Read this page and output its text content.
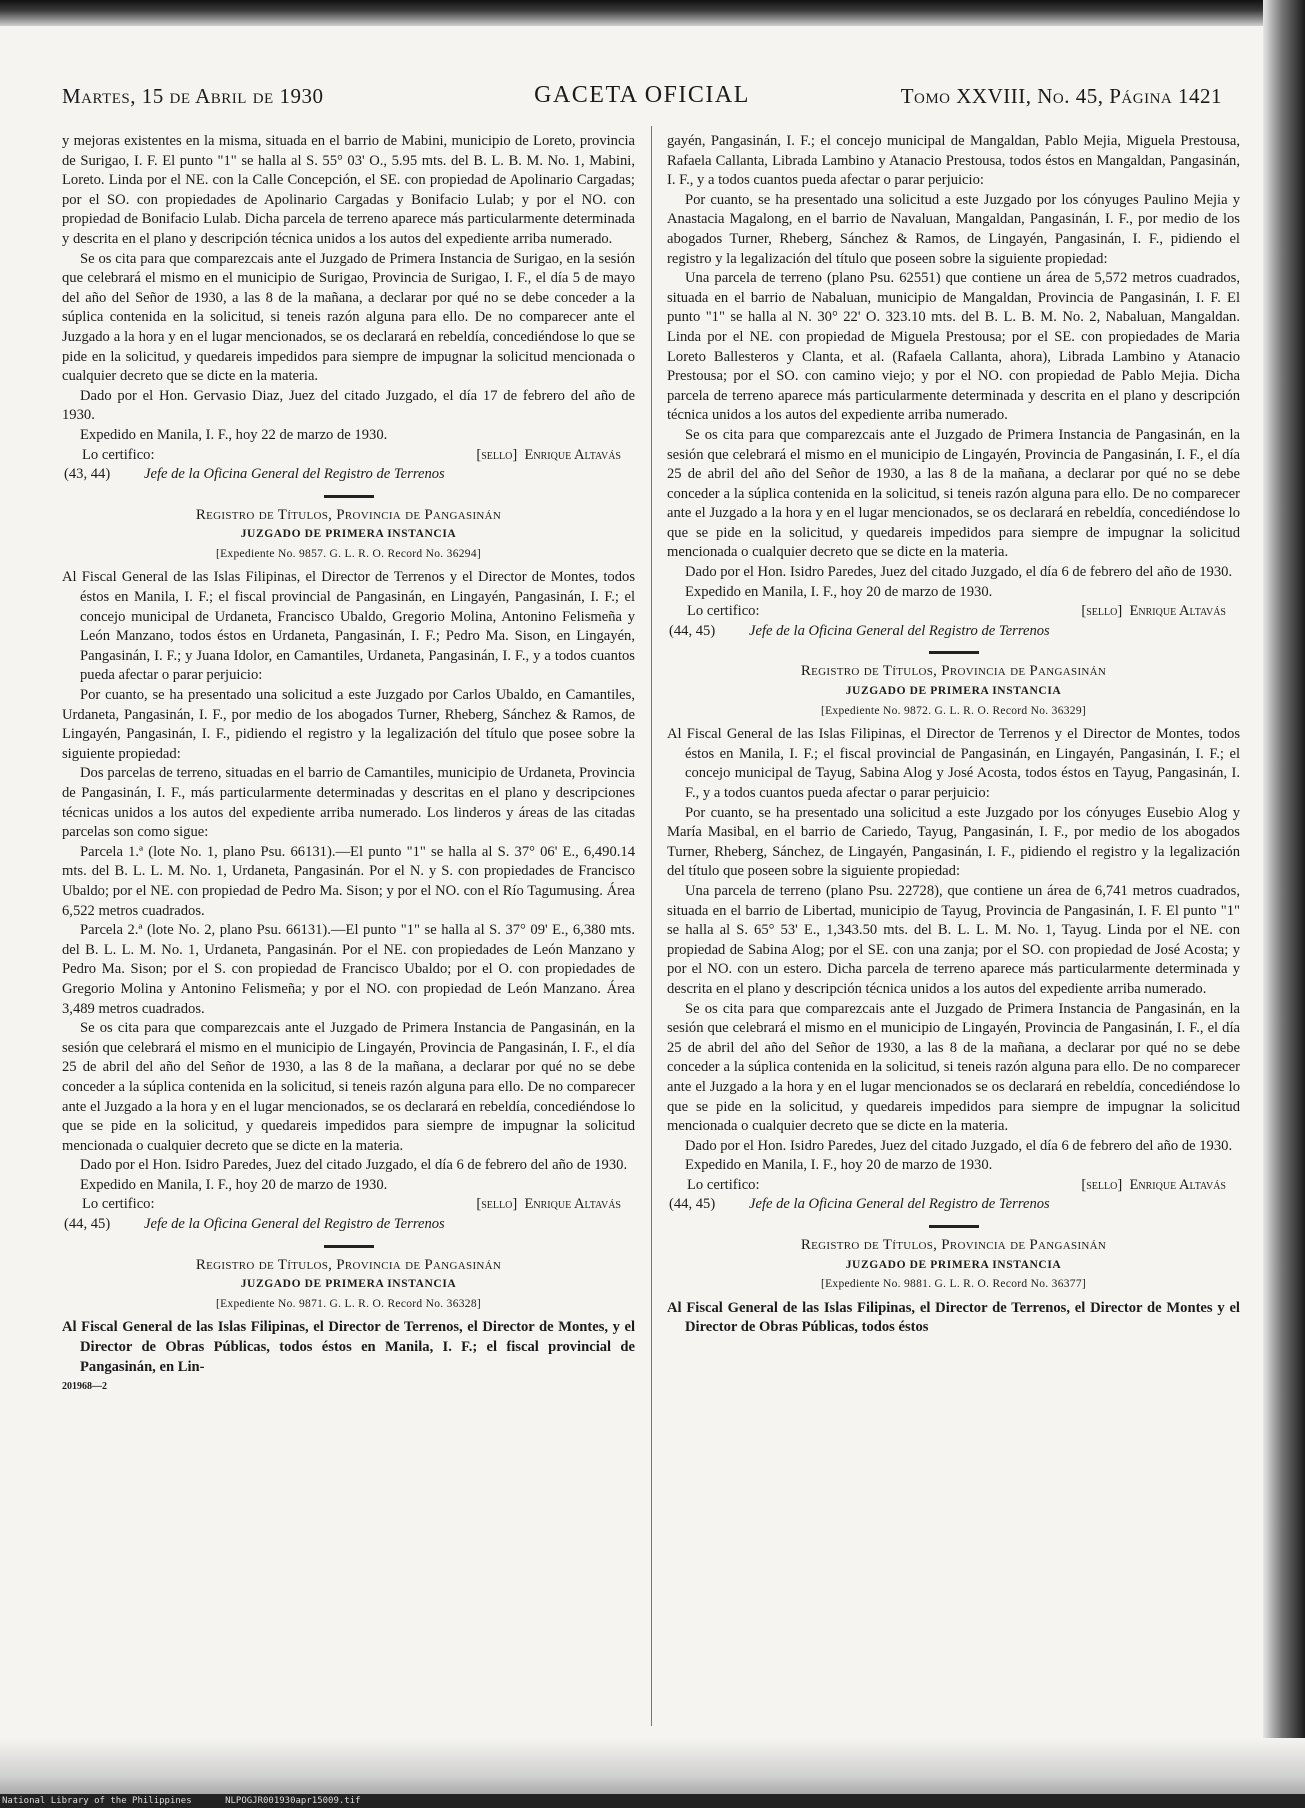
Martes, 15 de Abril de 1930	GACETA OFICIAL	Tomo XXVIII, No. 45, Página 1421

y mejoras existentes en la misma, situada en el barrio de Mabini, municipio de Loreto, provincia de Surigao, I. F. El punto "1" se halla al S. 55° 03' O., 5.95 mts. del B. L. B. M. No. 1, Mabini, Loreto. Linda por el NE. con la Calle Concepción, el SE. con propiedad de Apolinario Cargadas; por el SO. con propiedades de Apolinario Cargadas y Bonifacio Lulab; y por el NO. con propiedad de Bonifacio Lulab. Dicha parcela de terreno aparece más particularmente determinada y descrita en el plano y descripción técnica unidos a los autos del expediente arriba numerado.

Se os cita para que comparezcais ante el Juzgado de Primera Instancia de Surigao, en la sesión que celebrará el mismo en el municipio de Surigao, Provincia de Surigao, I. F., el día 5 de mayo del año del Señor de 1930, a las 8 de la mañana, a declarar por qué no se debe conceder a la súplica contenida en la solicitud, si teneis razón alguna para ello. De no comparecer ante el Juzgado a la hora y en el lugar mencionados, se os declarará en rebeldía, concediéndose lo que se pide en la solicitud, y quedareis impedidos para siempre de impugnar la solicitud mencionada o cualquier decreto que se dicte en la materia.

Dado por el Hon. Gervasio Diaz, Juez del citado Juzgado, el día 17 de febrero del año de 1930.

Expedido en Manila, I. F., hoy 22 de marzo de 1930.

Lo certifico:	[sello] Enrique Altavás
(43, 44)	Jefe de la Oficina General del Registro de Terrenos
Registro de Títulos, Provincia de Pangasinán
JUZGADO DE PRIMERA INSTANCIA
[Expediente No. 9857. G. L. R. O. Record No. 36294]

Al Fiscal General de las Islas Filipinas, el Director de Terrenos y el Director de Montes, todos éstos en Manila, I. F.; el fiscal provincial de Pangasinán, en Lingayén, Pangasinán, I. F.; el concejo municipal de Urdaneta, Francisco Ubaldo, Gregorio Molina, Antonino Felismeña y León Manzano, todos éstos en Urdaneta, Pangasinán, I. F.; Pedro Ma. Sison, en Lingayén, Pangasinán, I. F.; y Juana Idolor, en Camantiles, Urdaneta, Pangasinán, I. F., y a todos cuantos pueda afectar o parar perjuicio:

Por cuanto, se ha presentado una solicitud a este Juzgado por Carlos Ubaldo, en Camantiles, Urdaneta, Pangasinán, I. F., por medio de los abogados Turner, Rheberg, Sánchez & Ramos, de Lingayén, Pangasinán, I. F., pidiendo el registro y la legalización del título que posee sobre la siguiente propiedad:

Dos parcelas de terreno, situadas en el barrio de Camantiles, municipio de Urdaneta, Provincia de Pangasinán, I. F., más particularmente determinadas y descritas en el plano y descripciones técnicas unidos a los autos del expediente arriba numerado. Los linderos y áreas de las citadas parcelas son como sigue:

Parcela 1.ª (lote No. 1, plano Psu. 66131).—El punto "1" se halla al S. 37° 06' E., 6,490.14 mts. del B. L. L. M. No. 1, Urdaneta, Pangasinán. Por el N. y S. con propiedades de Francisco Ubaldo; por el NE. con propiedad de Pedro Ma. Sison; y por el NO. con el Río Tagumusing. Área 6,522 metros cuadrados.

Parcela 2.ª (lote No. 2, plano Psu. 66131).—El punto "1" se halla al S. 37° 09' E., 6,380 mts. del B. L. L. M. No. 1, Urdaneta, Pangasinán. Por el NE. con propiedades de León Manzano y Pedro Ma. Sison; por el S. con propiedad de Francisco Ubaldo; por el O. con propiedades de Gregorio Molina y Antonino Felismeña; y por el NO. con propiedad de León Manzano. Área 3,489 metros cuadrados.

Se os cita para que comparezcais ante el Juzgado de Primera Instancia de Pangasinán, en la sesión que celebrará el mismo en el municipio de Lingayén, Provincia de Pangasinán, I. F., el día 25 de abril del año del Señor de 1930, a las 8 de la mañana, a declarar por qué no se debe conceder a la súplica contenida en la solicitud, si teneis razón alguna para ello. De no comparecer ante el Juzgado a la hora y en el lugar mencionados, se os declarará en rebeldía, concediéndose lo que se pide en la solicitud, y quedareis impedidos para siempre de impugnar la solicitud mencionada o cualquier decreto que se dicte en la materia.

Dado por el Hon. Isidro Paredes, Juez del citado Juzgado, el día 6 de febrero del año de 1930.

Expedido en Manila, I. F., hoy 20 de marzo de 1930.

Lo certifico:	[sello] Enrique Altavás
(44, 45)	Jefe de la Oficina General del Registro de Terrenos
Registro de Títulos, Provincia de Pangasinán
JUZGADO DE PRIMERA INSTANCIA
[Expediente No. 9871. G. L. R. O. Record No. 36328]

Al Fiscal General de las Islas Filipinas, el Director de Terrenos, el Director de Montes, y el Director de Obras Públicas, todos éstos en Manila, I. F.; el fiscal provincial de Pangasinán, en Lin-

201968—2

gayén, Pangasinán, I. F.; el concejo municipal de Mangaldan, Pablo Mejia, Miguela Prestousa, Rafaela Callanta, Librada Lambino y Atanacio Prestousa, todos éstos en Mangaldan, Pangasinán, I. F., y a todos cuantos pueda afectar o parar perjuicio:

Por cuanto, se ha presentado una solicitud a este Juzgado por los cónyuges Paulino Mejia y Anastacia Magalong, en el barrio de Navaluan, Mangaldan, Pangasinán, I. F., por medio de los abogados Turner, Rheberg, Sánchez & Ramos, de Lingayén, Pangasinán, I. F., pidiendo el registro y la legalización del título que poseen sobre la siguiente propiedad:

Una parcela de terreno (plano Psu. 62551) que contiene un área de 5,572 metros cuadrados, situada en el barrio de Nabaluan, municipio de Mangaldan, Provincia de Pangasinán, I. F. El punto "1" se halla al N. 30° 22' O. 323.10 mts. del B. L. B. M. No. 2, Nabaluan, Mangaldan. Linda por el NE. con propiedad de Miguela Prestousa; por el SE. con propiedades de Maria Loreto Ballesteros y Clanta, et al. (Rafaela Callanta, ahora), Librada Lambino y Atanacio Prestousa; por el SO. con camino viejo; y por el NO. con propiedad de Pablo Mejia. Dicha parcela de terreno aparece más particularmente determinada y descrita en el plano y descripción técnica unidos a los autos del expediente arriba numerado.

Se os cita para que comparezcais ante el Juzgado de Primera Instancia de Pangasinán, en la sesión que celebrará el mismo en el municipio de Lingayén, Provincia de Pangasinán, I. F., el día 25 de abril del año del Señor de 1930, a las 8 de la mañana, a declarar por qué no se debe conceder a la súplica contenida en la solicitud, si teneis razón alguna para ello. De no comparecer ante el Juzgado a la hora y en el lugar mencionados, se os declarará en rebeldía, concediéndose lo que se pide en la solicitud, y quedareis impedidos para siempre de impugnar la solicitud mencionada o cualquier decreto que se dicte en la materia.

Dado por el Hon. Isidro Paredes, Juez del citado Juzgado, el día 6 de febrero del año de 1930.

Expedido en Manila, I. F., hoy 20 de marzo de 1930.

Lo certifico:	[sello] Enrique Altavás
(44, 45)	Jefe de la Oficina General del Registro de Terrenos
Registro de Títulos, Provincia de Pangasinán
JUZGADO DE PRIMERA INSTANCIA
[Expediente No. 9872. G. L. R. O. Record No. 36329]

Al Fiscal General de las Islas Filipinas, el Director de Terrenos y el Director de Montes, todos éstos en Manila, I. F.; el fiscal provincial de Pangasinán, en Lingayén, Pangasinán, I. F.; el concejo municipal de Tayug, Sabina Alog y José Acosta, todos éstos en Tayug, Pangasinán, I. F., y a todos cuantos pueda afectar o parar perjuicio:

Por cuanto, se ha presentado una solicitud a este Juzgado por los cónyuges Eusebio Alog y María Masibal, en el barrio de Cariedo, Tayug, Pangasinán, I. F., por medio de los abogados Turner, Rheberg, Sánchez, de Lingayén, Pangasinán, I. F., pidiendo el registro y la legalización del título que poseen sobre la siguiente propiedad:

Una parcela de terreno (plano Psu. 22728), que contiene un área de 6,741 metros cuadrados, situada en el barrio de Libertad, municipio de Tayug, Provincia de Pangasinán, I. F. El punto "1" se halla al S. 65° 53' E., 1,343.50 mts. del B. L. L. M. No. 1, Tayug. Linda por el NE. con propiedad de Sabina Alog; por el SE. con una zanja; por el SO. con propiedad de José Acosta; y por el NO. con un estero. Dicha parcela de terreno aparece más particularmente determinada y descrita en el plano y descripción técnica unidos a los autos del expediente arriba numerado.

Se os cita para que comparezcais ante el Juzgado de Primera Instancia de Pangasinán, en la sesión que celebrará el mismo en el municipio de Lingayén, Provincia de Pangasinán, I. F., el día 25 de abril del año del Señor de 1930, a las 8 de la mañana, a declarar por qué no se debe conceder a la súplica contenida en la solicitud, si teneis razón alguna para ello. De no comparecer ante el Juzgado a la hora y en el lugar mencionados se os declarará en rebeldía, concediéndose lo que se pide en la solicitud, y quedareis impedidos para siempre de impugnar la solicitud mencionada o cualquier decreto que se dicte en la materia.

Dado por el Hon. Isidro Paredes, Juez del citado Juzgado, el día 6 de febrero del año de 1930.

Expedido en Manila, I. F., hoy 20 de marzo de 1930.

Lo certifico:	[sello] Enrique Altavás
(44, 45)	Jefe de la Oficina General del Registro de Terrenos
Registro de Títulos, Provincia de Pangasinán
JUZGADO DE PRIMERA INSTANCIA
[Expediente No. 9881. G. L. R. O. Record No. 36377]

Al Fiscal General de las Islas Filipinas, el Director de Terrenos, el Director de Montes y el Director de Obras Públicas, todos éstos

National Library of the Philippines	NLPOGJR001930apr15009.tif
